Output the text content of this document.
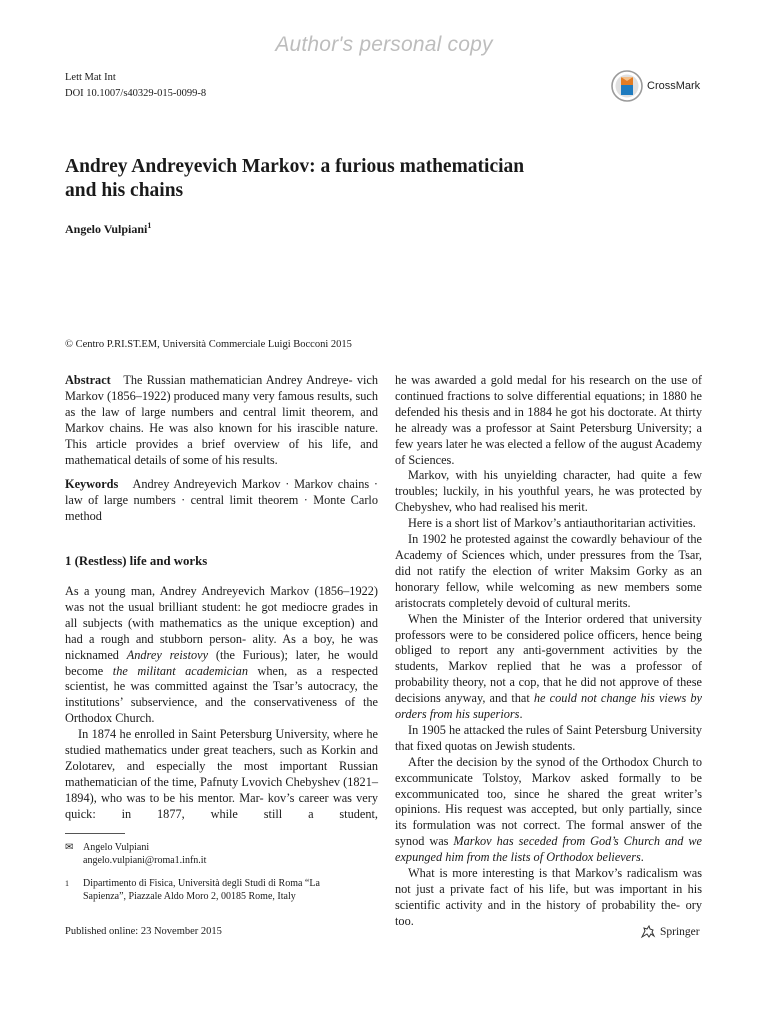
Author's personal copy
Lett Mat Int
DOI 10.1007/s40329-015-0099-8
CrossMark
Andrey Andreyevich Markov: a furious mathematician
and his chains
Angelo Vulpiani$^1$
© Centro P.RI.ST.EM, Università Commerciale Luigi Bocconi 2015

Abstract The Russian mathematician Andrey Andreye- vich Markov (1856–1922) produced many very famous results, such as the law of large numbers and central limit theorem, and Markov chains. He was also known for his irascible nature. This article provides a brief overview of his life, and mathematical details of some of his results.

Keywords Andrey Andreyevich Markov · Markov chains · law of large numbers · central limit theorem · Monte Carlo method

1 (Restless) life and works

As a young man, Andrey Andreyevich Markov (1856–1922) was not the usual brilliant student: he got mediocre grades in all subjects (with mathematics as the unique exception) and had a rough and stubborn person- ality. As a boy, he was nicknamed Andrey reistovy (the Furious); later, he would become the militant academician when, as a respected scientist, he was committed against the Tsar’s autocracy, the institutions’ subservience, and the conservativeness of the Orthodox Church.

In 1874 he enrolled in Saint Petersburg University, where he studied mathematics under great teachers, such as Korkin and Zolotarev, and especially the most important Russian mathematician of the time, Pafnuty Lvovich Chebyshev (1821–1894), who was to be his mentor. Mar- kov’s career was very quick: in 1877, while still a student,

he was awarded a gold medal for his research on the use of continued fractions to solve differential equations; in 1880 he defended his thesis and in 1884 he got his doctorate. At thirty he already was a professor at Saint Petersburg University; a few years later he was elected a fellow of the august Academy of Sciences.

Markov, with his unyielding character, had quite a few troubles; luckily, in his youthful years, he was protected by Chebyshev, who had realised his merit.

Here is a short list of Markov’s antiauthoritarian activities.

In 1902 he protested against the cowardly behaviour of the Academy of Sciences which, under pressures from the Tsar, did not ratify the election of writer Maksim Gorky as an honorary fellow, while welcoming as new members some aristocrats completely devoid of cultural merits.

When the Minister of the Interior ordered that university professors were to be considered police officers, hence being obliged to report any anti-government activities by the students, Markov replied that he was a professor of probability theory, not a cop, that he did not approve of these decisions anyway, and that he could not change his views by orders from his superiors.

In 1905 he attacked the rules of Saint Petersburg University that fixed quotas on Jewish students.

After the decision by the synod of the Orthodox Church to excommunicate Tolstoy, Markov asked formally to be excommunicated too, since he shared the great writer’s opinions. His request was accepted, but only partially, since its formulation was not correct. The formal answer of the synod was Markov has seceded from God’s Church and we expunged him from the lists of Orthodox believers.

What is more interesting is that Markov’s radicalism was not just a private fact of his life, but was important in his scientific activity and in the history of probability the- ory too.

✉ Angelo Vulpiani
angelo.vulpiani@roma1.infn.it
1 Dipartimento di Fisica, Università degli Studi di Roma “La
Sapienza”, Piazzale Aldo Moro 2, 00185 Rome, Italy
Published online: 23 November 2015	Springer
